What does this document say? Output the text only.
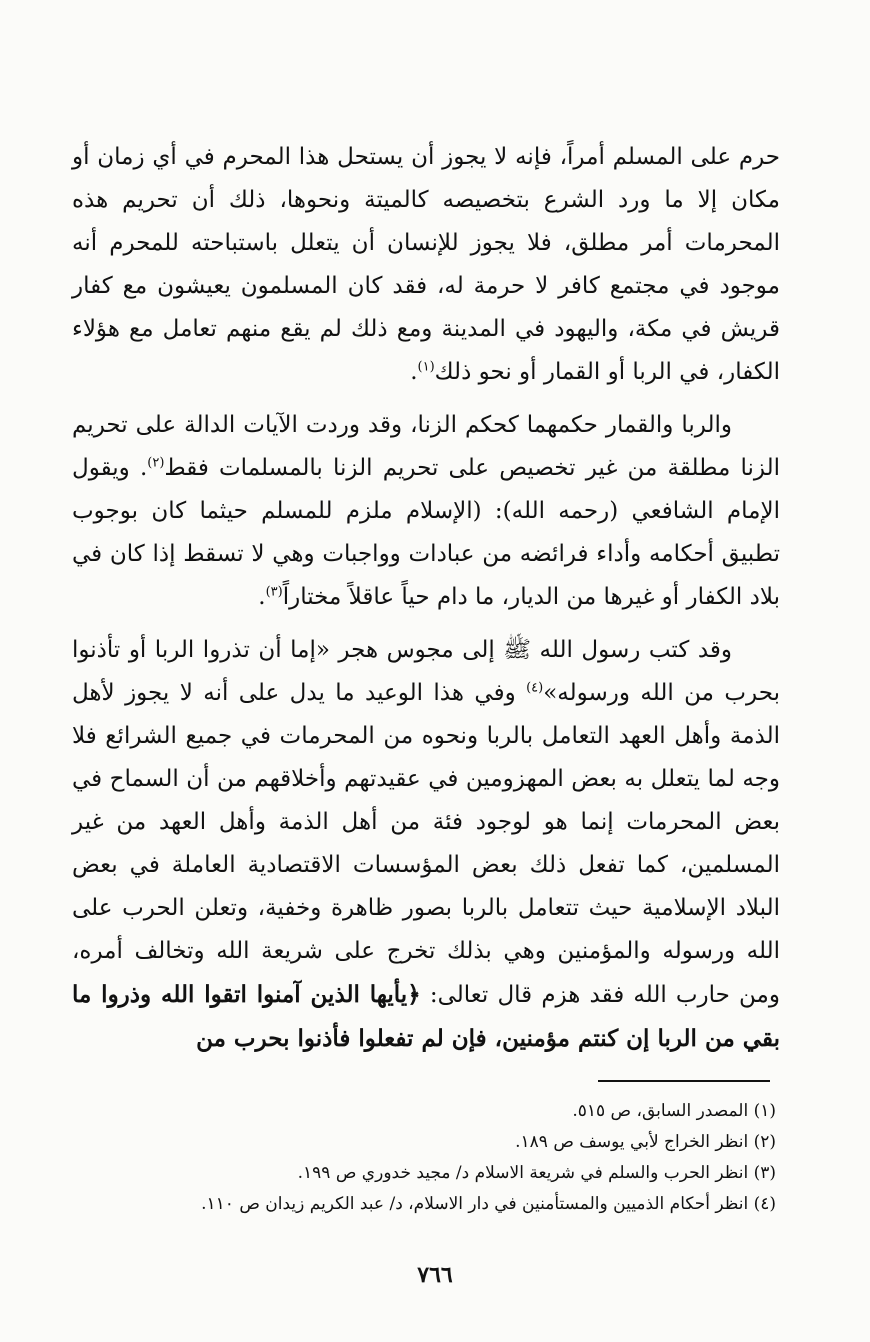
حرم على المسلم أمراً، فإنه لا يجوز أن يستحل هذا المحرم في أي زمان أو مكان إلا ما ورد الشرع بتخصيصه كالميتة ونحوها، ذلك أن تحريم هذه المحرمات أمر مطلق، فلا يجوز للإنسان أن يتعلل باستباحته للمحرم أنه موجود في مجتمع كافر لا حرمة له، فقد كان المسلمون يعيشون مع كفار قريش في مكة، واليهود في المدينة ومع ذلك لم يقع منهم تعامل مع هؤلاء الكفار، في الربا أو القمار أو نحو ذلك$^{(١)}$.

والربا والقمار حكمهما كحكم الزنا، وقد وردت الآيات الدالة على تحريم الزنا مطلقة من غير تخصيص على تحريم الزنا بالمسلمات فقط$^{(٢)}$. ويقول الإمام الشافعي (رحمه الله): (الإسلام ملزم للمسلم حيثما كان بوجوب تطبيق أحكامه وأداء فرائضه من عبادات وواجبات وهي لا تسقط إذا كان في بلاد الكفار أو غيرها من الديار، ما دام حياً عاقلاً مختاراً$^{(٣)}$.

وقد كتب رسول الله ﷺ إلى مجوس هجر «إما أن تذروا الربا أو تأذنوا بحرب من الله ورسوله»$^{(٤)}$ وفي هذا الوعيد ما يدل على أنه لا يجوز لأهل الذمة وأهل العهد التعامل بالربا ونحوه من المحرمات في جميع الشرائع فلا وجه لما يتعلل به بعض المهزومين في عقيدتهم وأخلاقهم من أن السماح في بعض المحرمات إنما هو لوجود فئة من أهل الذمة وأهل العهد من غير المسلمين، كما تفعل ذلك بعض المؤسسات الاقتصادية العاملة في بعض البلاد الإسلامية حيث تتعامل بالربا بصور ظاهرة وخفية، وتعلن الحرب على الله ورسوله والمؤمنين وهي بذلك تخرج على شريعة الله وتخالف أمره، ومن حارب الله فقد هزم قال تعالى: ﴿يأيها الذين آمنوا اتقوا الله وذروا ما بقي من الربا إن كنتم مؤمنين، فإن لم تفعلوا فأذنوا بحرب من

(١) المصدر السابق، ص ٥١٥.
(٢) انظر الخراج لأبي يوسف ص ١٨٩.
(٣) انظر الحرب والسلم في شريعة الاسلام د/ مجيد خدوري ص ١٩٩.
(٤) انظر أحكام الذميين والمستأمنين في دار الاسلام، د/ عبد الكريم زيدان ص ١١٠.
٧٦٦
